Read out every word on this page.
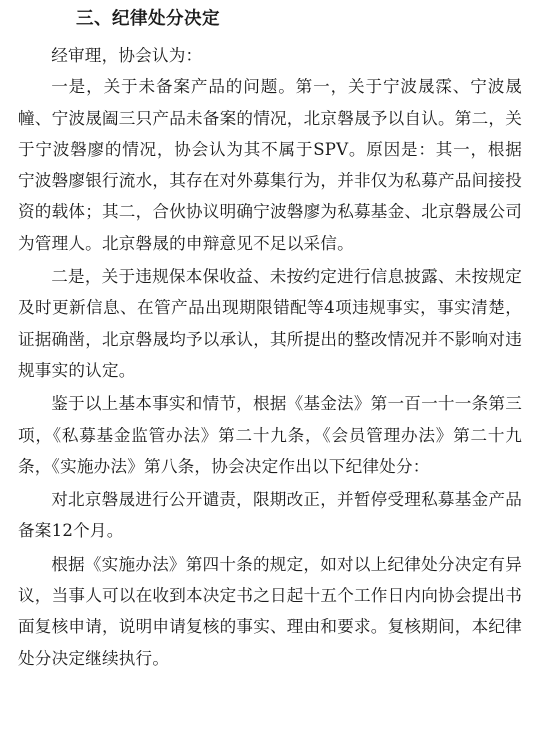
三、纪律处分决定

经审理，协会认为：

一是，关于未备案产品的问题。第一，关于宁波晟霂、宁波晟幢、宁波晟阖三只产品未备案的情况，北京磐晟予以自认。第二，关于宁波磐廖的情况，协会认为其不属于SPV。原因是：其一，根据宁波磐廖银行流水，其存在对外募集行为，并非仅为私募产品间接投资的载体；其二，合伙协议明确宁波磐廖为私募基金、北京磐晟公司为管理人。北京磐晟的申辩意见不足以采信。

二是，关于违规保本保收益、未按约定进行信息披露、未按规定及时更新信息、在管产品出现期限错配等4项违规事实，事实清楚，证据确凿，北京磐晟均予以承认，其所提出的整改情况并不影响对违规事实的认定。

鉴于以上基本事实和情节，根据《基金法》第一百一十一条第三项，《私募基金监管办法》第二十九条，《会员管理办法》第二十九条，《实施办法》第八条，协会决定作出以下纪律处分：

对北京磐晟进行公开谴责，限期改正，并暂停受理私募基金产品备案12个月。

根据《实施办法》第四十条的规定，如对以上纪律处分决定有异议，当事人可以在收到本决定书之日起十五个工作日内向协会提出书面复核申请，说明申请复核的事实、理由和要求。复核期间，本纪律处分决定继续执行。
